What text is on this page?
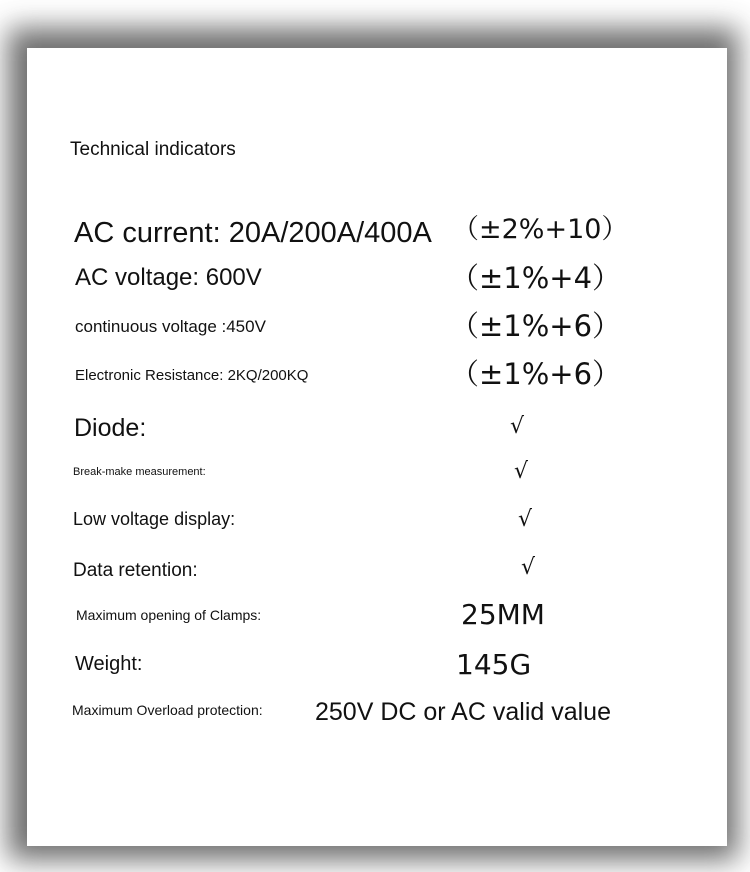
Technical indicators
AC current: 20A/200A/400A （±2%+10）
AC voltage: 600V	（±1%+4）
continuous voltage :450V	（±1%+6）
Electronic Resistance: 2KQ/200KQ	（±1%+6）
Diode:	√
Break-make measurement:	√
Low voltage display:	√
Data retention:	√
Maximum opening of Clamps:	25MM
Weight:	145G
Maximum Overload protection: 250V DC or AC valid value
